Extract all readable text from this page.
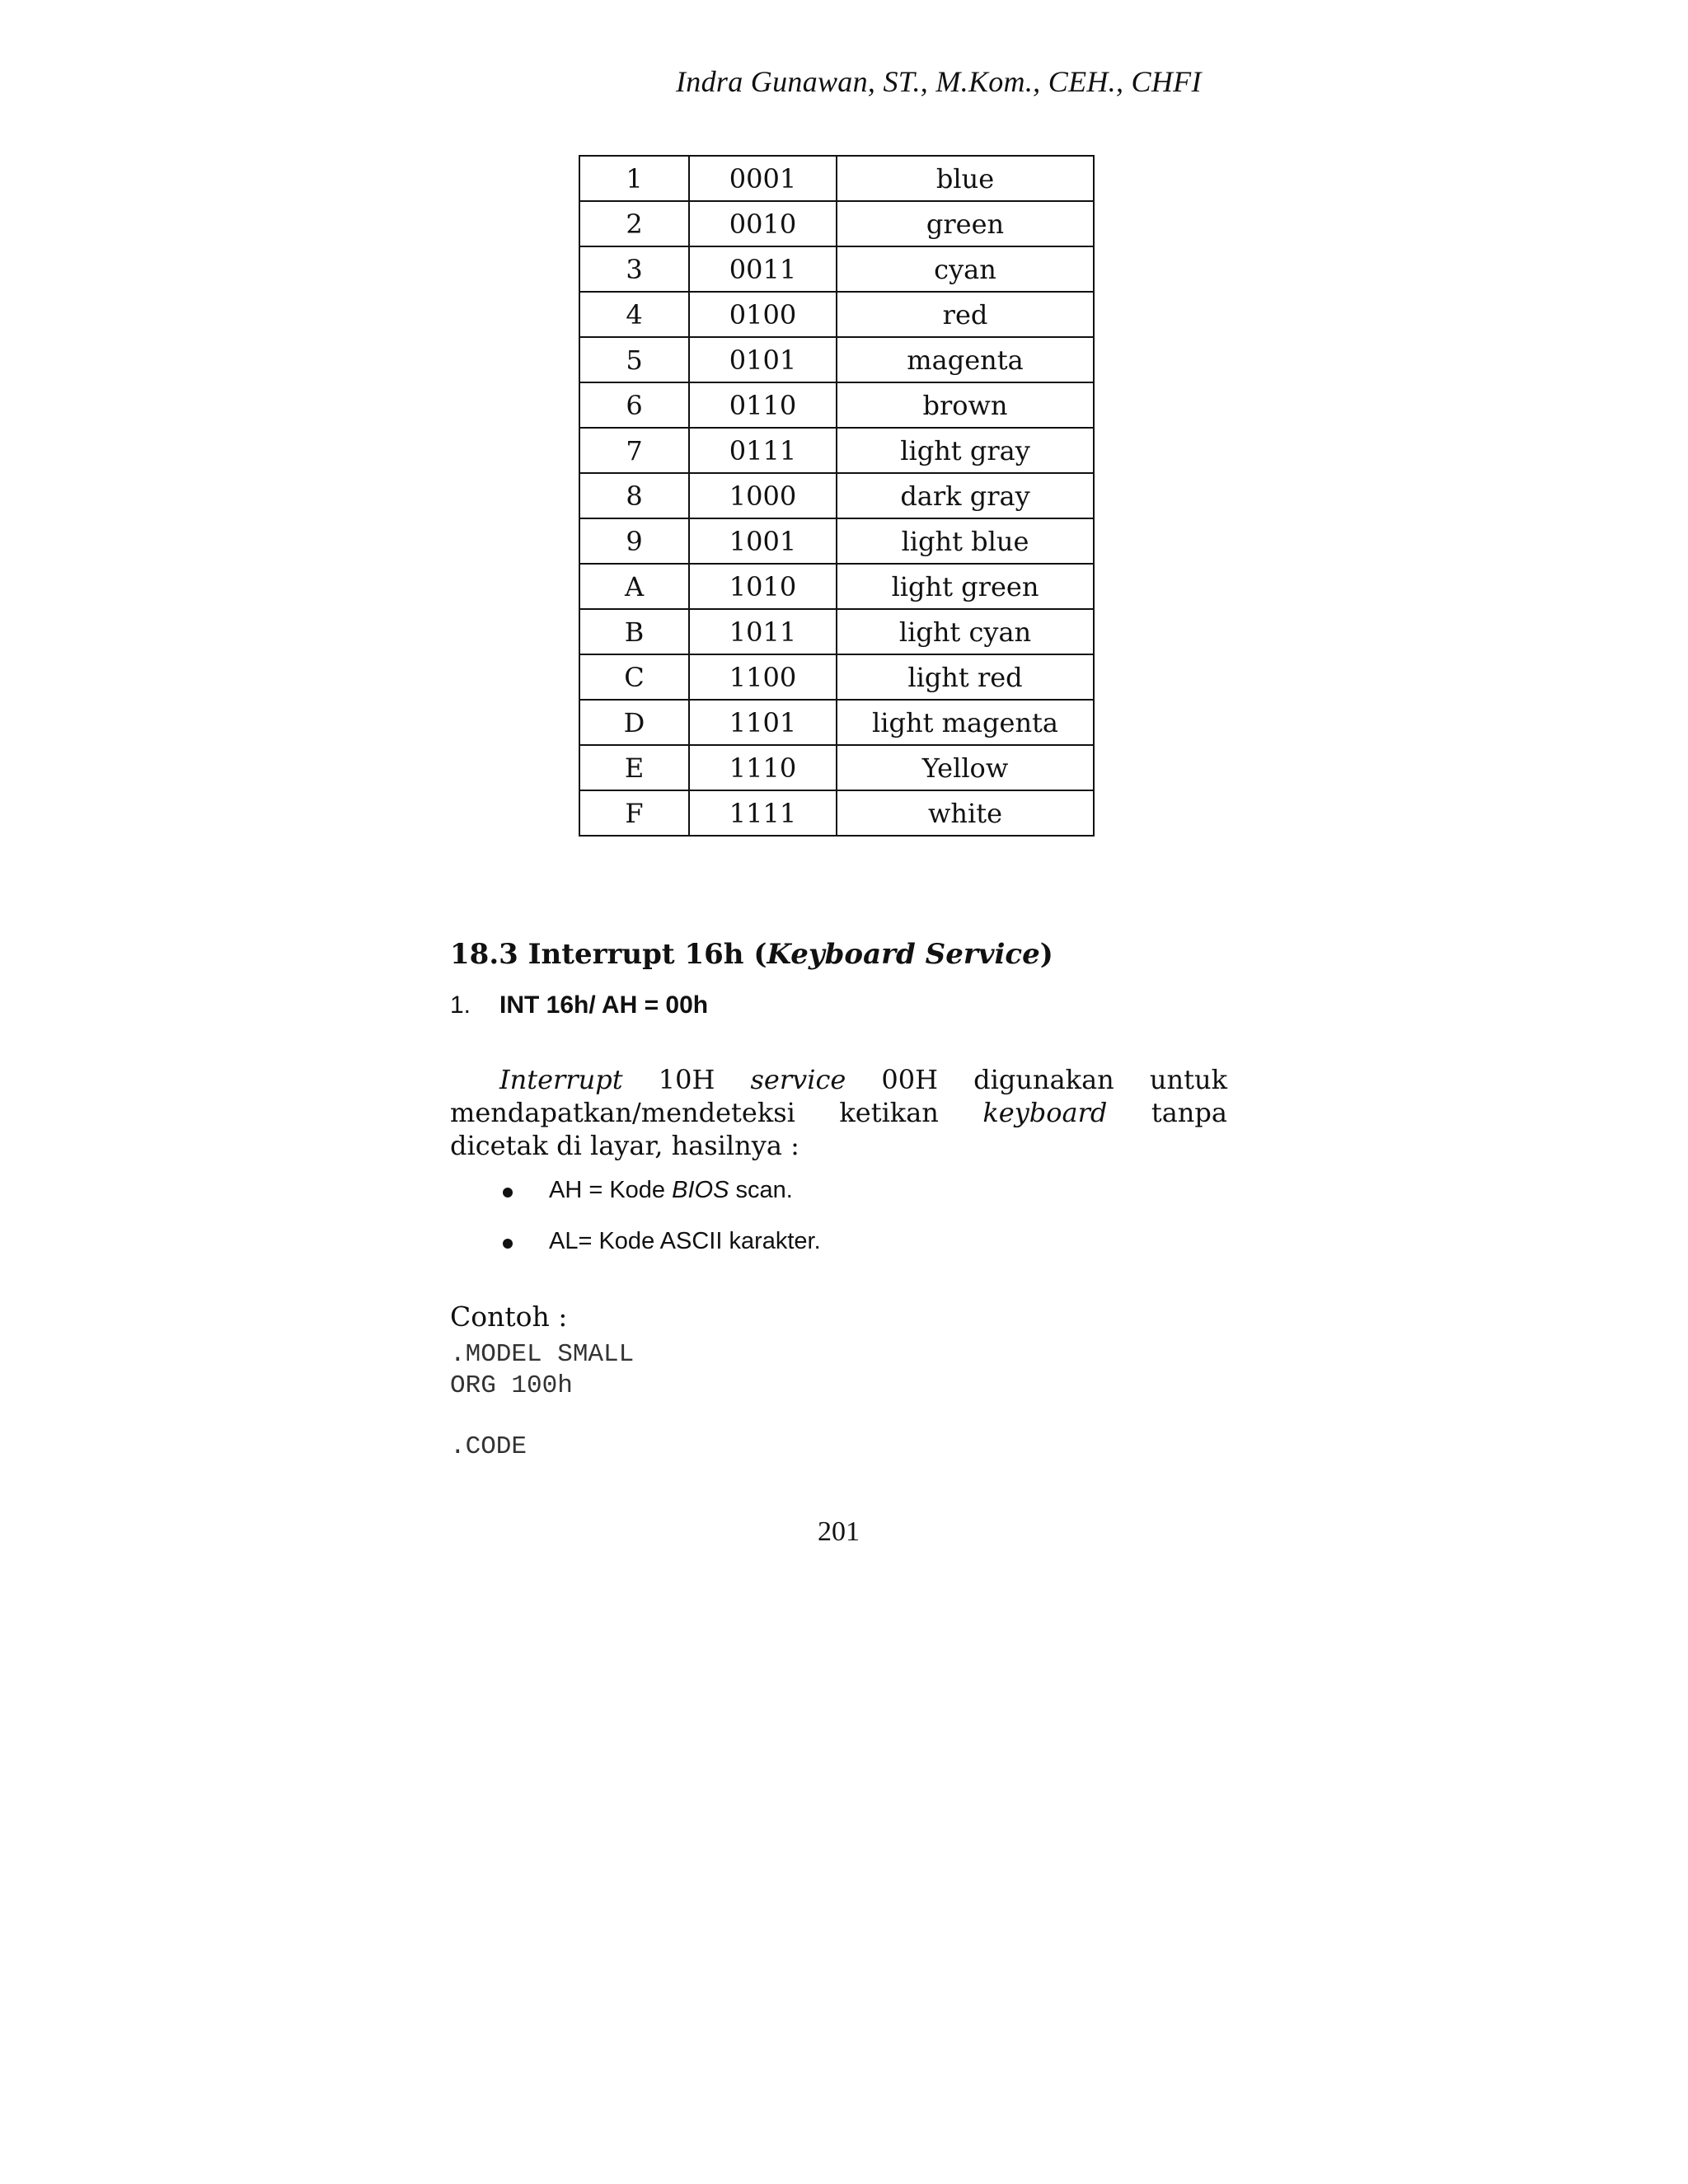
Indra Gunawan, ST., M.Kom., CEH., CHFI
1	0001	blue
2	0010	green
3	0011	cyan
4	0100	red
5	0101	magenta
6	0110	brown
7	0111	light gray
8	1000	dark gray
9	1001	light blue
A	1010	light green
B	1011	light cyan
C	1100	light red
D	1101	light magenta
E	1110	Yellow
F	1111	white
18.3 Interrupt 16h (Keyboard Service)
1. INT 16h/ AH = 00h
Interrupt 10H service 00H digunakan untuk
mendapatkan/mendeteksi ketikan keyboard tanpa
dicetak di layar, hasilnya :
AH = Kode BIOS scan.
AL= Kode ASCII karakter.
Contoh :
.MODEL SMALL
ORG 100h
.CODE
201
